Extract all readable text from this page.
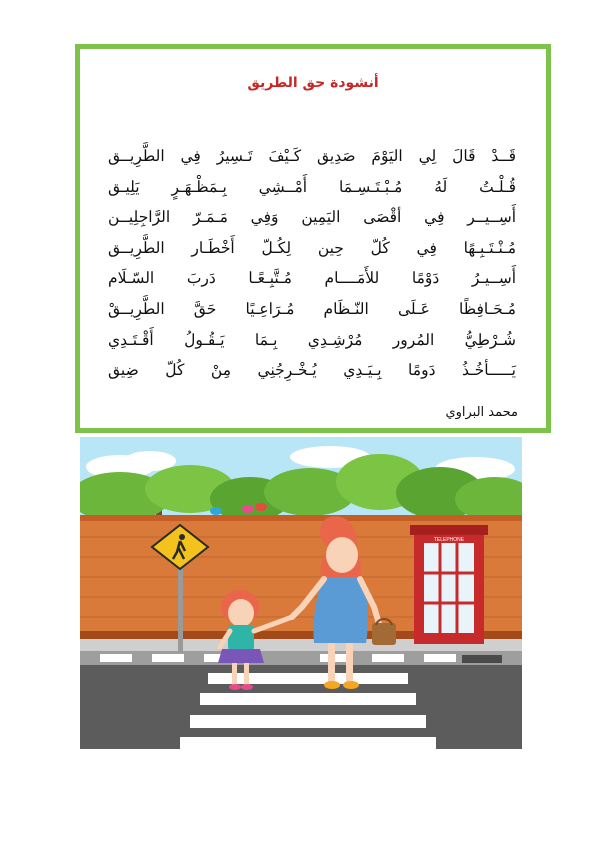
أنشودة حق الطريق
قَــدْ قَالَ لِي اليَوْمَ صَدِيق كَـيْفَ تَـسِيرُ فِي الطَّرِيــق
قُـلْـتُ لَهُ مُـبْـتَـسِـمَا أَمْــشِي بِـمَظْـهَـرٍ يَلِيـق
أَسِــيــر فِي أقْصَى اليَمِين وَفِي مَـمَـرّ الرَّاجِلِيــن
مُـنْـتَـبِـهًا فِي كُلّ حِين لِكُـلّ أَخْطَـار الطَّرِيــق
أَسِــيـرُ دَوْمًا للأَمَــــام مُـتَّبِـعًـا دَربَ السّـلَام
مُـحَـافِظًا عَـلَى النّـظَام مُـرَاعِـيًا حَقَّ الطَّرِيــقْ
شُـرْطِيُّ المُرور مُرْشِـدِي بِـمَا يَـقُـولُ أَقْـتَـدِي
يَـــــأخُـذُ دَومًا بِـيَـدِي يُـخْـرِجُنِي مِنْ كُلّ ضِيق
محمد البراوي
TELEPHONE
